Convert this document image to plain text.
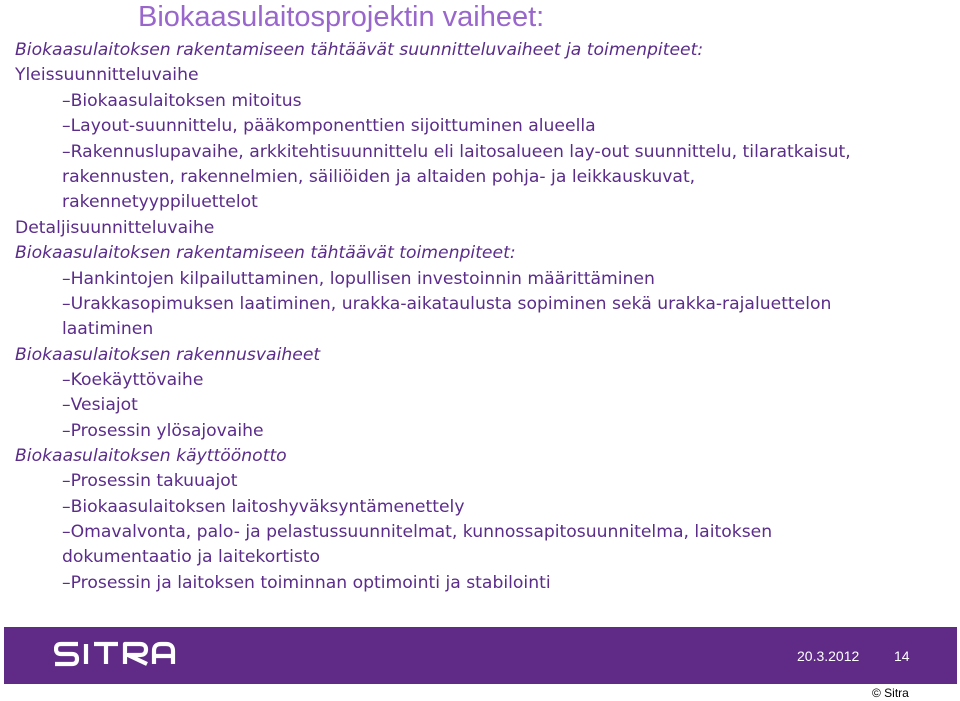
Biokaasulaitosprojektin vaiheet:
Biokaasulaitoksen rakentamiseen tähtäävät suunnitteluvaiheet ja toimenpiteet:
Yleissuunnitteluvaihe
–Biokaasulaitoksen mitoitus
–Layout-suunnittelu, pääkomponenttien sijoittuminen alueella
–Rakennuslupavaihe, arkkitehtisuunnittelu eli laitosalueen lay-out suunnittelu, tilaratkaisut,
rakennusten, rakennelmien, säiliöiden ja altaiden pohja- ja leikkauskuvat,
rakennetyyppiluettelot
Detaljisuunnitteluvaihe
Biokaasulaitoksen rakentamiseen tähtäävät toimenpiteet:
–Hankintojen kilpailuttaminen, lopullisen investoinnin määrittäminen
–Urakkasopimuksen laatiminen, urakka-aikataulusta sopiminen sekä urakka-rajaluettelon
laatiminen
Biokaasulaitoksen rakennusvaiheet
–Koekäyttövaihe
–Vesiajot
–Prosessin ylösajovaihe
Biokaasulaitoksen käyttöönotto
–Prosessin takuuajot
–Biokaasulaitoksen laitoshyväksyntämenettely
–Omavalvonta, palo- ja pelastussuunnitelmat, kunnossapitosuunnitelma, laitoksen
dokumentaatio ja laitekortisto
–Prosessin ja laitoksen toiminnan optimointi ja stabilointi
20.3.2012 14
© Sitra
